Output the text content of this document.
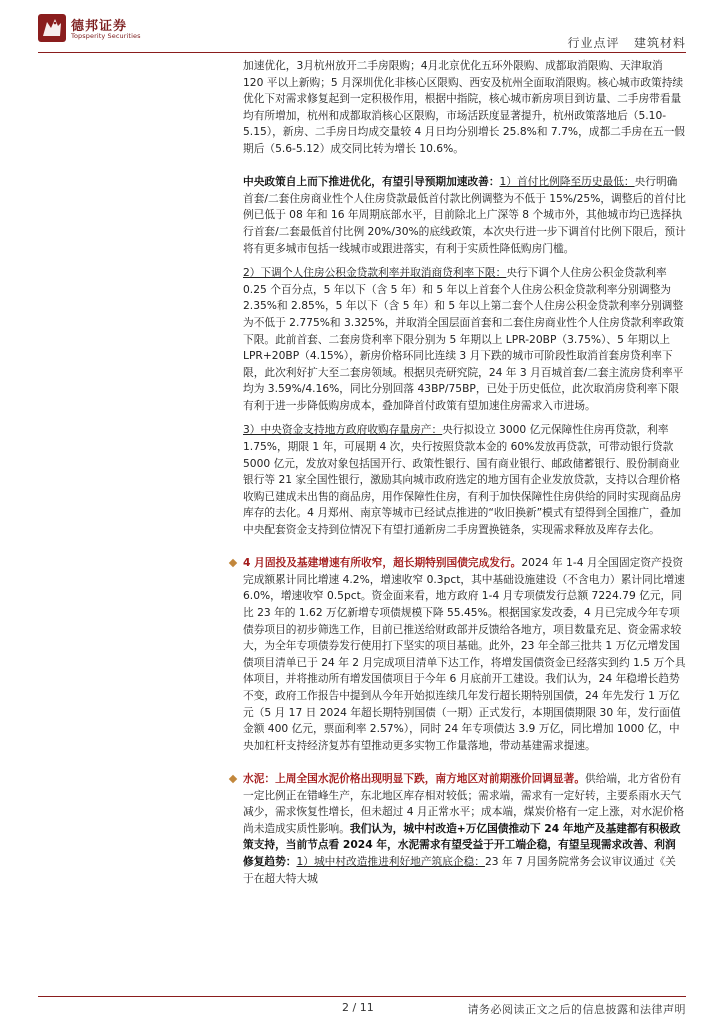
德邦证券
Topsperity Securities	行业点评 建筑材料

加速优化，3月杭州放开二手房限购；4月北京优化五环外限购、成都取消限购、天津取消 120 平以上新购；5 月深圳优化非核心区限购、西安及杭州全面取消限购。核心城市政策持续优化下对需求修复起到一定积极作用，根据中指院，核心城市新房项目到访量、二手房带看量均有所增加，杭州和成都取消核心区限购，市场活跃度显著提升，杭州政策落地后（5.10-5.15），新房、二手房日均成交量较 4 月日均分别增长 25.8%和 7.7%，成都二手房在五一假期后（5.6-5.12）成交同比转为增长 10.6%。

中央政策自上而下推进优化，有望引导预期加速改善：1）首付比例降至历史最低：央行明确首套/二套住房商业性个人住房贷款最低首付款比例调整为不低于 15%/25%，调整后的首付比例已低于 08 年和 16 年周期底部水平，目前除北上广深等 8 个城市外，其他城市均已选择执行首套/二套最低首付比例 20%/30%的底线政策，本次央行进一步下调首付比例下限后，预计将有更多城市包括一线城市或跟进落实，有利于实质性降低购房门槛。

2）下调个人住房公积金贷款利率并取消商贷利率下限：央行下调个人住房公积金贷款利率 0.25 个百分点，5 年以下（含 5 年）和 5 年以上首套个人住房公积金贷款利率分别调整为 2.35%和 2.85%，5 年以下（含 5 年）和 5 年以上第二套个人住房公积金贷款利率分别调整为不低于 2.775%和 3.325%，并取消全国层面首套和二套住房商业性个人住房贷款利率政策下限。此前首套、二套房贷利率下限分别为 5 年期以上 LPR-20BP（3.75%）、5 年期以上 LPR+20BP（4.15%），新房价格环同比连续 3 月下跌的城市可阶段性取消首套房贷利率下限，此次利好扩大至二套房领域。根据贝壳研究院，24 年 3 月百城首套/二套主流房贷利率平均为 3.59%/4.16%，同比分别回落 43BP/75BP，已处于历史低位，此次取消房贷利率下限有利于进一步降低购房成本，叠加降首付政策有望加速住房需求入市进场。

3）中央资金支持地方政府收购存量房产：央行拟设立 3000 亿元保障性住房再贷款，利率 1.75%，期限 1 年，可展期 4 次，央行按照贷款本金的 60%发放再贷款，可带动银行贷款 5000 亿元，发放对象包括国开行、政策性银行、国有商业银行、邮政储蓄银行、股份制商业银行等 21 家全国性银行，激励其向城市政府选定的地方国有企业发放贷款，支持以合理价格收购已建成未出售的商品房，用作保障性住房，有利于加快保障性住房供给的同时实现商品房库存的去化。4 月郑州、南京等城市已经试点推进的“收旧换新”模式有望得到全国推广，叠加中央配套资金支持到位情况下有望打通新房二手房置换链条，实现需求释放及库存去化。

4 月固投及基建增速有所收窄，超长期特别国债完成发行。2024 年 1-4 月全国固定资产投资完成额累计同比增速 4.2%，增速收窄 0.3pct，其中基础设施建设（不含电力）累计同比增速 6.0%，增速收窄 0.5pct。资金面来看，地方政府 1-4 月专项债发行总额 7224.79 亿元，同比 23 年的 1.62 万亿新增专项债规模下降 55.45%。根据国家发改委，4 月已完成今年专项债券项目的初步筛选工作，目前已推送给财政部并反馈给各地方，项目数量充足、资金需求较大，为全年专项债券发行使用打下坚实的项目基础。此外，23 年全部三批共 1 万亿元增发国债项目清单已于 24 年 2 月完成项目清单下达工作，将增发国债资金已经落实到约 1.5 万个具体项目，并将推动所有增发国债项目于今年 6 月底前开工建设。我们认为，24 年稳增长趋势不变，政府工作报告中提到从今年开始拟连续几年发行超长期特别国债，24 年先发行 1 万亿元（5 月 17 日 2024 年超长期特别国债（一期）正式发行，本期国债期限 30 年，发行面值金额 400 亿元，票面利率 2.57%），同时 24 年专项债达 3.9 万亿，同比增加 1000 亿，中央加杠杆支持经济复苏有望推动更多实物工作量落地，带动基建需求提速。
水泥：上周全国水泥价格出现明显下跌，南方地区对前期涨价回调显著。供给端，北方省份有一定比例正在错峰生产，东北地区库存相对较低；需求端，需求有一定好转，主要系雨水天气减少，需求恢复性增长，但未超过 4 月正常水平；成本端，煤炭价格有一定上涨，对水泥价格尚未造成实质性影响。我们认为，城中村改造+万亿国债推动下 24 年地产及基建都有积极政策支持，当前节点看 2024 年，水泥需求有望受益于开工端企稳，有望呈现需求改善、利润修复趋势：1）城中村改造推进利好地产筑底企稳：23 年 7 月国务院常务会议审议通过《关于在超大特大城
2 / 11	请务必阅读正文之后的信息披露和法律声明
